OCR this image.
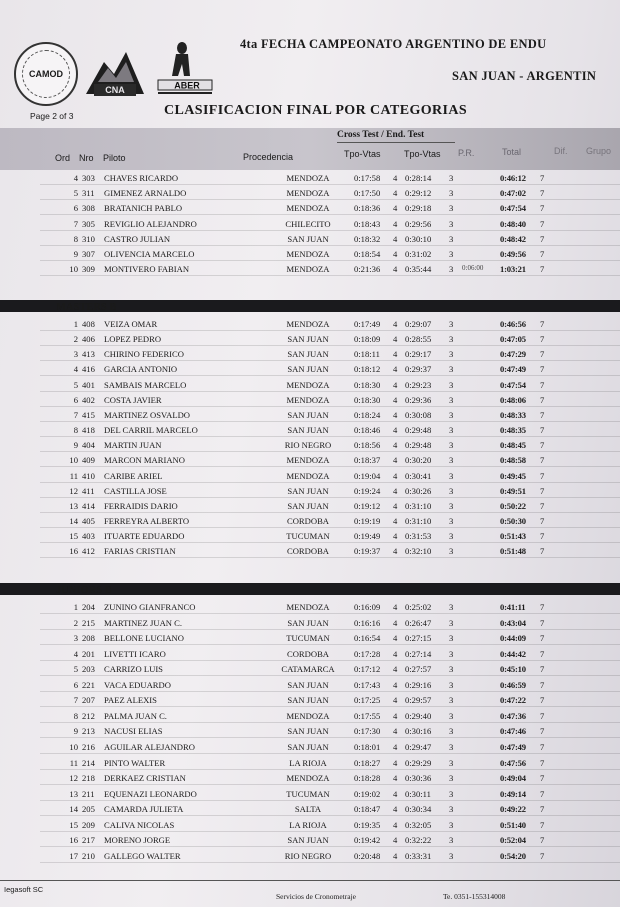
CAMOD
CNA	ABER
4ta FECHA CAMPEONATO ARGENTINO DE ENDU
SAN JUAN - ARGENTIN
Page 2 of 3	CLASIFICACION FINAL POR CATEGORIAS
Cross Test / End. Test
Ord Nro Piloto	Procedencia	Tpo-Vtas	Tpo-Vtas P.R.	Total	Dif. Grupo
4 303 CHAVES RICARDO	MENDOZA	0:17:58 4 0:28:14 3	0:46:12 7
5 311 GIMENEZ ARNALDO	MENDOZA	0:17:50 4 0:29:12 3	0:47:02 7
6 308 BRATANICH PABLO	MENDOZA	0:18:36 4 0:29:18 3	0:47:54 7
7 305 REVIGLIO ALEJANDRO	CHILECITO	0:18:43 4 0:29:56 3	0:48:40 7
8 310 CASTRO JULIAN	SAN JUAN	0:18:32 4 0:30:10 3	0:48:42 7
9 307 OLIVENCIA MARCELO	MENDOZA	0:18:54 4 0:31:02 3	0:49:56 7
10 309 MONTIVERO FABIAN	MENDOZA	0:21:36 4 0:35:44 3 0:06:00 1:03:21 7
MASTERS B
1 408 VEIZA OMAR	MENDOZA	0:17:49 4 0:29:07 3	0:46:56 7
2 406 LOPEZ PEDRO	SAN JUAN	0:18:09 4 0:28:55 3	0:47:05 7
3 413 CHIRINO FEDERICO	SAN JUAN	0:18:11 4 0:29:17 3	0:47:29 7
4 416 GARCIA ANTONIO	SAN JUAN	0:18:12 4 0:29:37 3	0:47:49 7
5 401 SAMBAIS MARCELO	MENDOZA	0:18:30 4 0:29:23 3	0:47:54 7
6 402 COSTA JAVIER	MENDOZA	0:18:30 4 0:29:36 3	0:48:06 7
7 415 MARTINEZ OSVALDO	SAN JUAN	0:18:24 4 0:30:08 3	0:48:33 7
8 418 DEL CARRIL MARCELO	SAN JUAN	0:18:46 4 0:29:48 3	0:48:35 7
9 404 MARTIN JUAN	RIO NEGRO	0:18:56 4 0:29:48 3	0:48:45 7
10 409 MARCON MARIANO	MENDOZA	0:18:37 4 0:30:20 3	0:48:58 7
11 410 CARIBE ARIEL	MENDOZA	0:19:04 4 0:30:41 3	0:49:45 7
12 411 CASTILLA JOSE	SAN JUAN	0:19:24 4 0:30:26 3	0:49:51 7
13 414 FERRAIDIS DARIO	SAN JUAN	0:19:12 4 0:31:10 3	0:50:22 7
14 405 FERREYRA ALBERTO	CORDOBA	0:19:19 4 0:31:10 3	0:50:30 7
15 403 ITUARTE EDUARDO	TUCUMAN	0:19:49 4 0:31:53 3	0:51:43 7
16 412 FARIAS CRISTIAN	CORDOBA	0:19:37 4 0:32:10 3	0:51:48 7
JUNIORS B
1 204 ZUNINO GIANFRANCO	MENDOZA	0:16:09 4 0:25:02 3	0:41:11 7
2 215 MARTINEZ JUAN C.	SAN JUAN	0:16:16 4 0:26:47 3	0:43:04 7
3 208 BELLONE LUCIANO	TUCUMAN	0:16:54 4 0:27:15 3	0:44:09 7
4 201 LIVETTI ICARO	CORDOBA	0:17:28 4 0:27:14 3	0:44:42 7
5 203 CARRIZO LUIS	CATAMARCA	0:17:12 4 0:27:57 3	0:45:10 7
6 221 VACA EDUARDO	SAN JUAN	0:17:43 4 0:29:16 3	0:46:59 7
7 207 PAEZ ALEXIS	SAN JUAN	0:17:25 4 0:29:57 3	0:47:22 7
8 212 PALMA JUAN C.	MENDOZA	0:17:55 4 0:29:40 3	0:47:36 7
9 213 NACUSI ELIAS	SAN JUAN	0:17:30 4 0:30:16 3	0:47:46 7
10 216 AGUILAR ALEJANDRO	SAN JUAN	0:18:01 4 0:29:47 3	0:47:49 7
11 214 PINTO WALTER	LA RIOJA	0:18:27 4 0:29:29 3	0:47:56 7
12 218 DERKAEZ CRISTIAN	MENDOZA	0:18:28 4 0:30:36 3	0:49:04 7
13 211 EQUENAZI LEONARDO	TUCUMAN	0:19:02 4 0:30:11 3	0:49:14 7
14 205 CAMARDA JULIETA	SALTA	0:18:47 4 0:30:34 3	0:49:22 7
15 209 CALIVA NICOLAS	LA RIOJA	0:19:35 4 0:32:05 3	0:51:40 7
16 217 MORENO JORGE	SAN JUAN	0:19:42 4 0:32:22 3	0:52:04 7
17 210 GALLEGO WALTER	RIO NEGRO	0:20:48 4 0:33:31 3	0:54:20 7
Iegasoft SC
Servicios de Cronometraje	Te. 0351-155314008
